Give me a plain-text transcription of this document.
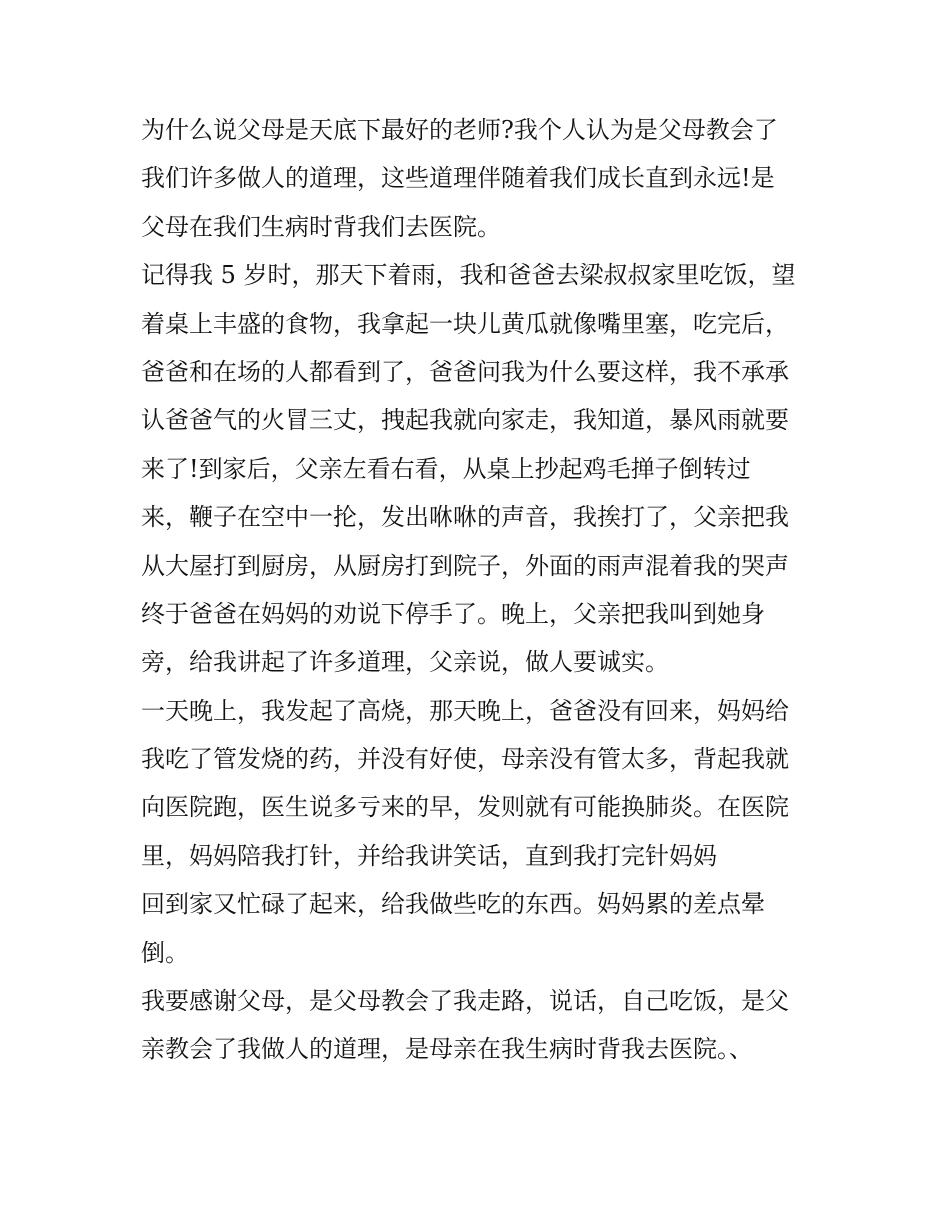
为什么说父母是天底下最好的老师?我个人认为是父母教会了
我们许多做人的道理，这些道理伴随着我们成长直到永远!是
父母在我们生病时背我们去医院。
记得我 5 岁时，那天下着雨，我和爸爸去梁叔叔家里吃饭，望
着桌上丰盛的食物，我拿起一块儿黄瓜就像嘴里塞，吃完后，
爸爸和在场的人都看到了，爸爸问我为什么要这样，我不承承
认爸爸气的火冒三丈，拽起我就向家走，我知道，暴风雨就要
来了!到家后，父亲左看右看，从桌上抄起鸡毛掸子倒转过
来，鞭子在空中一抡，发出咻咻的声音，我挨打了，父亲把我
从大屋打到厨房，从厨房打到院子，外面的雨声混着我的哭声
终于爸爸在妈妈的劝说下停手了。晚上，父亲把我叫到她身
旁，给我讲起了许多道理，父亲说，做人要诚实。
一天晚上，我发起了高烧，那天晚上，爸爸没有回来，妈妈给
我吃了管发烧的药，并没有好使，母亲没有管太多，背起我就
向医院跑，医生说多亏来的早，发则就有可能换肺炎。在医院
里，妈妈陪我打针，并给我讲笑话，直到我打完针妈妈
回到家又忙碌了起来，给我做些吃的东西。妈妈累的差点晕
倒。
我要感谢父母，是父母教会了我走路，说话，自己吃饭，是父
亲教会了我做人的道理，是母亲在我生病时背我去医院。、
